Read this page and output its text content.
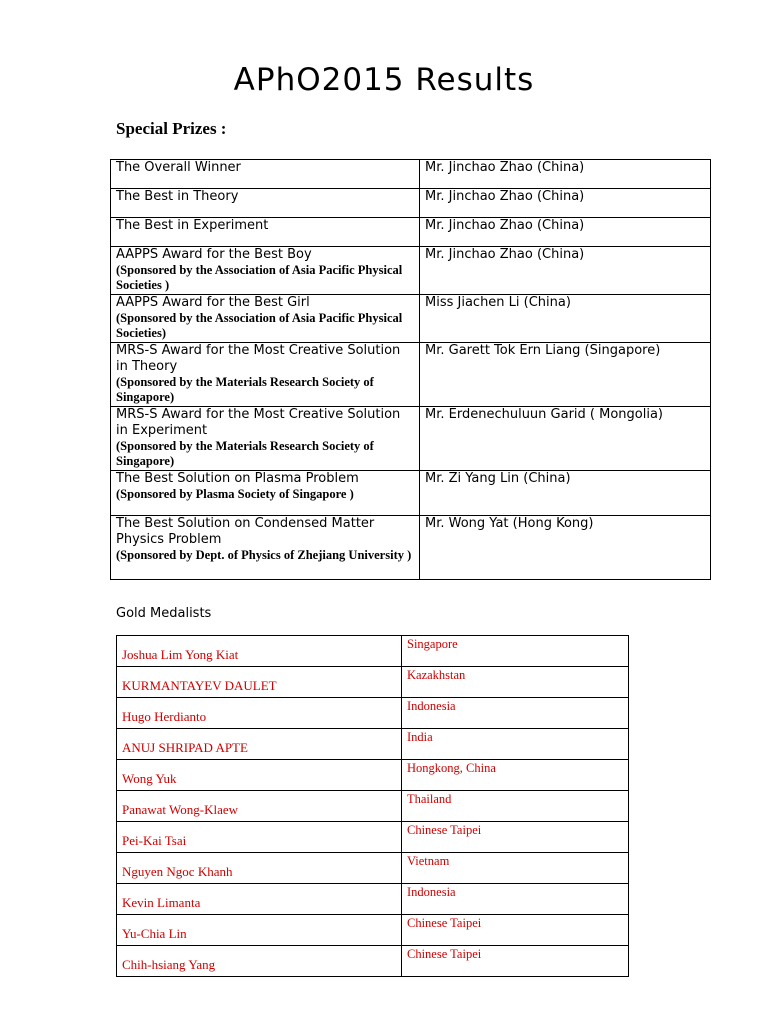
APhO2015 Results
Special Prizes :
The Overall Winner	Mr. Jinchao Zhao (China)

The Best in Theory	Mr. Jinchao Zhao (China)

The Best in Experiment	Mr. Jinchao Zhao (China)

AAPPS Award for the Best Boy
(Sponsored by the Association of Asia Pacific Physical Societies )	Mr. Jinchao Zhao (China)

AAPPS Award for the Best Girl
(Sponsored by the Association of Asia Pacific Physical Societies)	Miss Jiachen Li (China)

MRS-S Award for the Most Creative Solution in Theory
(Sponsored by the Materials Research Society of Singapore)	Mr. Garett Tok Ern Liang (Singapore)

MRS-S Award for the Most Creative Solution in Experiment
(Sponsored by the Materials Research Society of Singapore)	Mr. Erdenechuluun Garid ( Mongolia)

The Best Solution on Plasma Problem
(Sponsored by Plasma Society of Singapore )	Mr. Zi Yang Lin (China)

The Best Solution on Condensed Matter Physics Problem
(Sponsored by Dept. of Physics of Zhejiang University )	Mr. Wong Yat (Hong Kong)
Gold Medalists
Joshua Lim Yong Kiat	Singapore
KURMANTAYEV DAULET	Kazakhstan
Hugo Herdianto	Indonesia
ANUJ SHRIPAD APTE	India
Wong Yuk	Hongkong, China
Panawat Wong-Klaew	Thailand
Pei-Kai Tsai	Chinese Taipei
Nguyen Ngoc Khanh	Vietnam
Kevin Limanta	Indonesia
Yu-Chia Lin	Chinese Taipei
Chih-hsiang Yang	Chinese Taipei
